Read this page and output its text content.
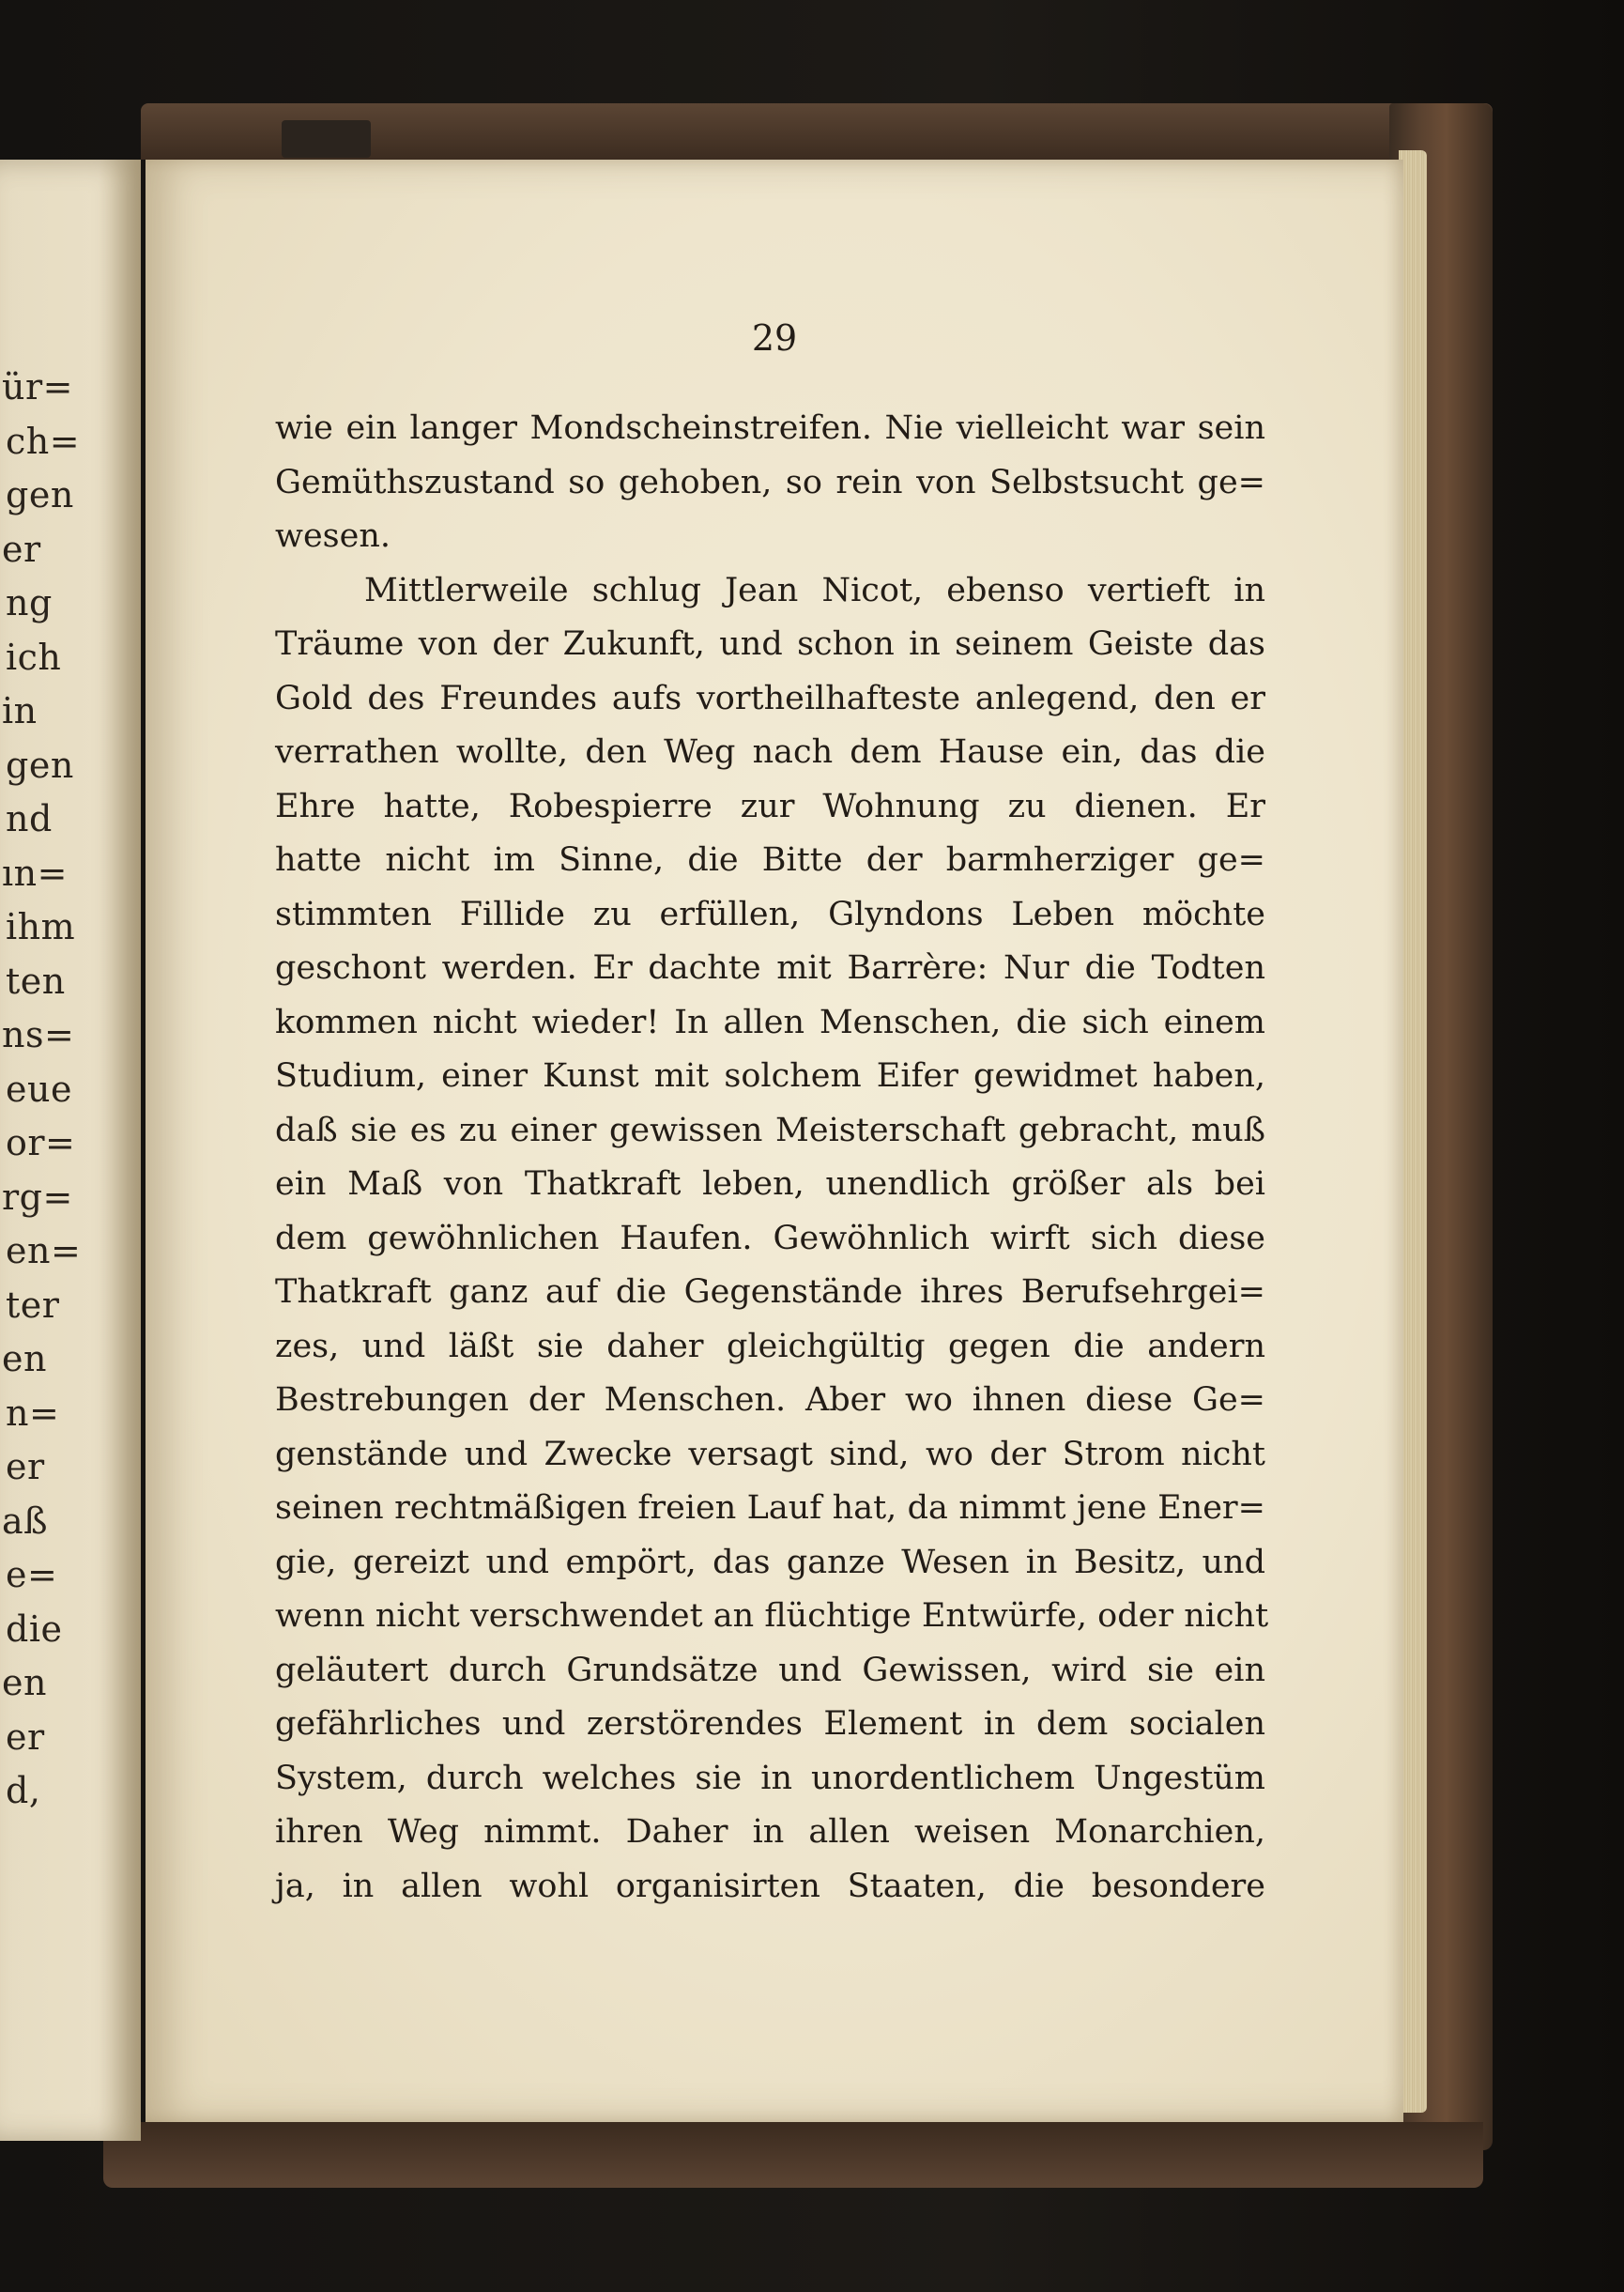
ür=
ch=
gen
er
ng
ich
in
gen
nd
ın=
ihm
ten
ns=
eue
or=
rg=
en=
ter
en
n=
er
aß
e=
die
en
er
d,
29
wie ein langer Mondscheinstreifen. Nie vielleicht war sein
Gemüthszustand so gehoben, so rein von Selbstsucht ge=
wesen.
Mittlerweile schlug Jean Nicot, ebenso vertieft in
Träume von der Zukunft, und schon in seinem Geiste das
Gold des Freundes aufs vortheilhafteste anlegend, den er
verrathen wollte, den Weg nach dem Hause ein, das die
Ehre hatte, Robespierre zur Wohnung zu dienen. Er
hatte nicht im Sinne, die Bitte der barmherziger ge=
stimmten Fillide zu erfüllen, Glyndons Leben möchte
geschont werden. Er dachte mit Barrère: Nur die Todten
kommen nicht wieder! In allen Menschen, die sich einem
Studium, einer Kunst mit solchem Eifer gewidmet haben,
daß sie es zu einer gewissen Meisterschaft gebracht, muß
ein Maß von Thatkraft leben, unendlich größer als bei
dem gewöhnlichen Haufen. Gewöhnlich wirft sich diese
Thatkraft ganz auf die Gegenstände ihres Berufsehrgei=
zes, und läßt sie daher gleichgültig gegen die andern
Bestrebungen der Menschen. Aber wo ihnen diese Ge=
genstände und Zwecke versagt sind, wo der Strom nicht
seinen rechtmäßigen freien Lauf hat, da nimmt jene Ener=
gie, gereizt und empört, das ganze Wesen in Besitz, und
wenn nicht verschwendet an flüchtige Entwürfe, oder nicht
geläutert durch Grundsätze und Gewissen, wird sie ein
gefährliches und zerstörendes Element in dem socialen
System, durch welches sie in unordentlichem Ungestüm
ihren Weg nimmt. Daher in allen weisen Monarchien,
ja, in allen wohl organisirten Staaten, die besondere
